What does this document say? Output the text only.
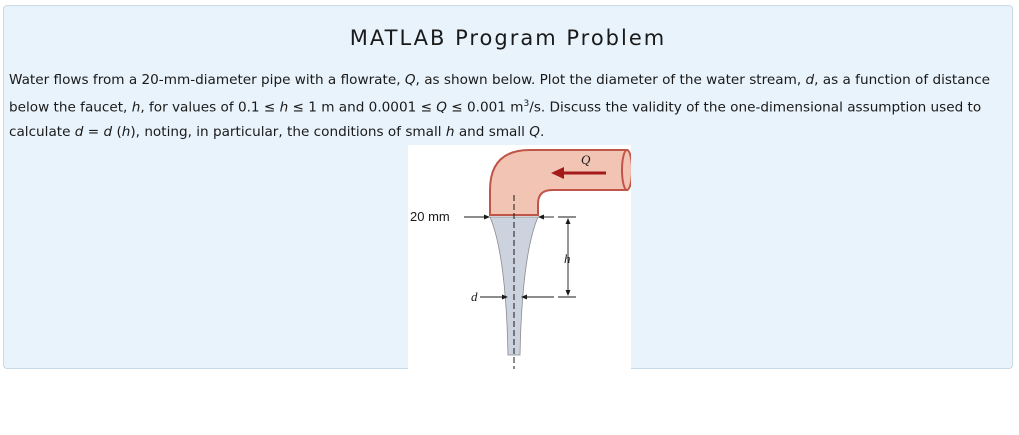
MATLAB Program Problem
Water flows from a 20-mm-diameter pipe with a flowrate, Q, as shown below. Plot the diameter of the water stream, d, as a function of distance below the faucet, h, for values of 0.1 ≤ h ≤ 1 m and 0.0001 ≤ Q ≤ 0.001 $m^3/s$. Discuss the validity of the one-dimensional assumption used to calculate d = d (h), noting, in particular, the conditions of small h and small Q.
Q
20 mm
h
d
